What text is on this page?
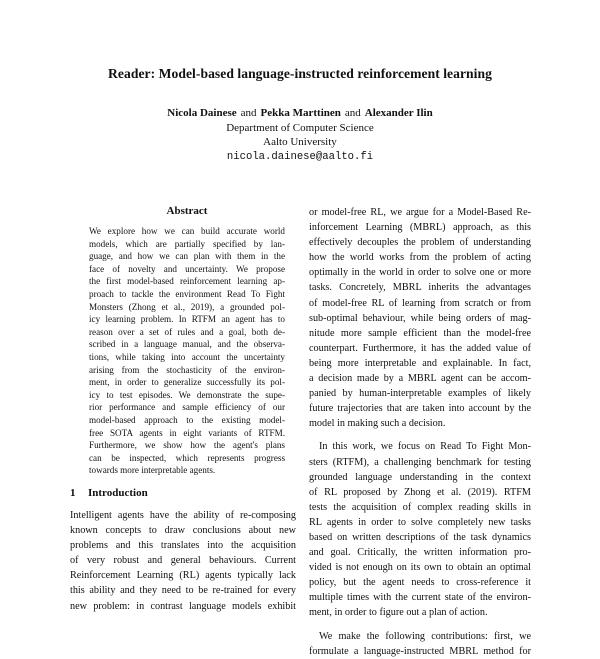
Reader: Model-based language-instructed reinforcement learning
Nicola Dainese and Pekka Marttinen and Alexander Ilin
Department of Computer Science
Aalto University
nicola.dainese@aalto.fi
Abstract
We explore how we can build accurate world
models, which are partially specified by lan-
guage, and how we can plan with them in the
face of novelty and uncertainty. We propose
the first model-based reinforcement learning ap-
proach to tackle the environment Read To Fight
Monsters (Zhong et al., 2019), a grounded pol-
icy learning problem. In RTFM an agent has to
reason over a set of rules and a goal, both de-
scribed in a language manual, and the observa-
tions, while taking into account the uncertainty
arising from the stochasticity of the environ-
ment, in order to generalize successfully its pol-
icy to test episodes. We demonstrate the supe-
rior performance and sample efficiency of our
model-based approach to the existing model-
free SOTA agents in eight variants of RTFM.
Furthermore, we show how the agent's plans
can be inspected, which represents progress
towards more interpretable agents.
1 Introduction
Intelligent agents have the ability of re-composing
known concepts to draw conclusions about new
problems and this translates into the acquisition
of very robust and general behaviours. Current
Reinforcement Learning (RL) agents typically lack
this ability and they need to be re-trained for every
new problem: in contrast language models exhibit
or model-free RL, we argue for a Model-Based Re-
inforcement Learning (MBRL) approach, as this
effectively decouples the problem of understanding
how the world works from the problem of acting
optimally in the world in order to solve one or more
tasks. Concretely, MBRL inherits the advantages
of model-free RL of learning from scratch or from
sub-optimal behaviour, while being orders of mag-
nitude more sample efficient than the model-free
counterpart. Furthermore, it has the added value of
being more interpretable and explainable. In fact,
a decision made by a MBRL agent can be accom-
panied by human-interpretable examples of likely
future trajectories that are taken into account by the
model in making such a decision.
In this work, we focus on Read To Fight Mon-
sters (RTFM), a challenging benchmark for testing
grounded language understanding in the context
of RL proposed by Zhong et al. (2019). RTFM
tests the acquisition of complex reading skills in
RL agents in order to solve completely new tasks
based on written descriptions of the task dynamics
and goal. Critically, the written information pro-
vided is not enough on its own to obtain an optimal
policy, but the agent needs to cross-reference it
multiple times with the current state of the environ-
ment, in order to figure out a plan of action.
We make the following contributions: first, we
formulate a language-instructed MBRL method for
